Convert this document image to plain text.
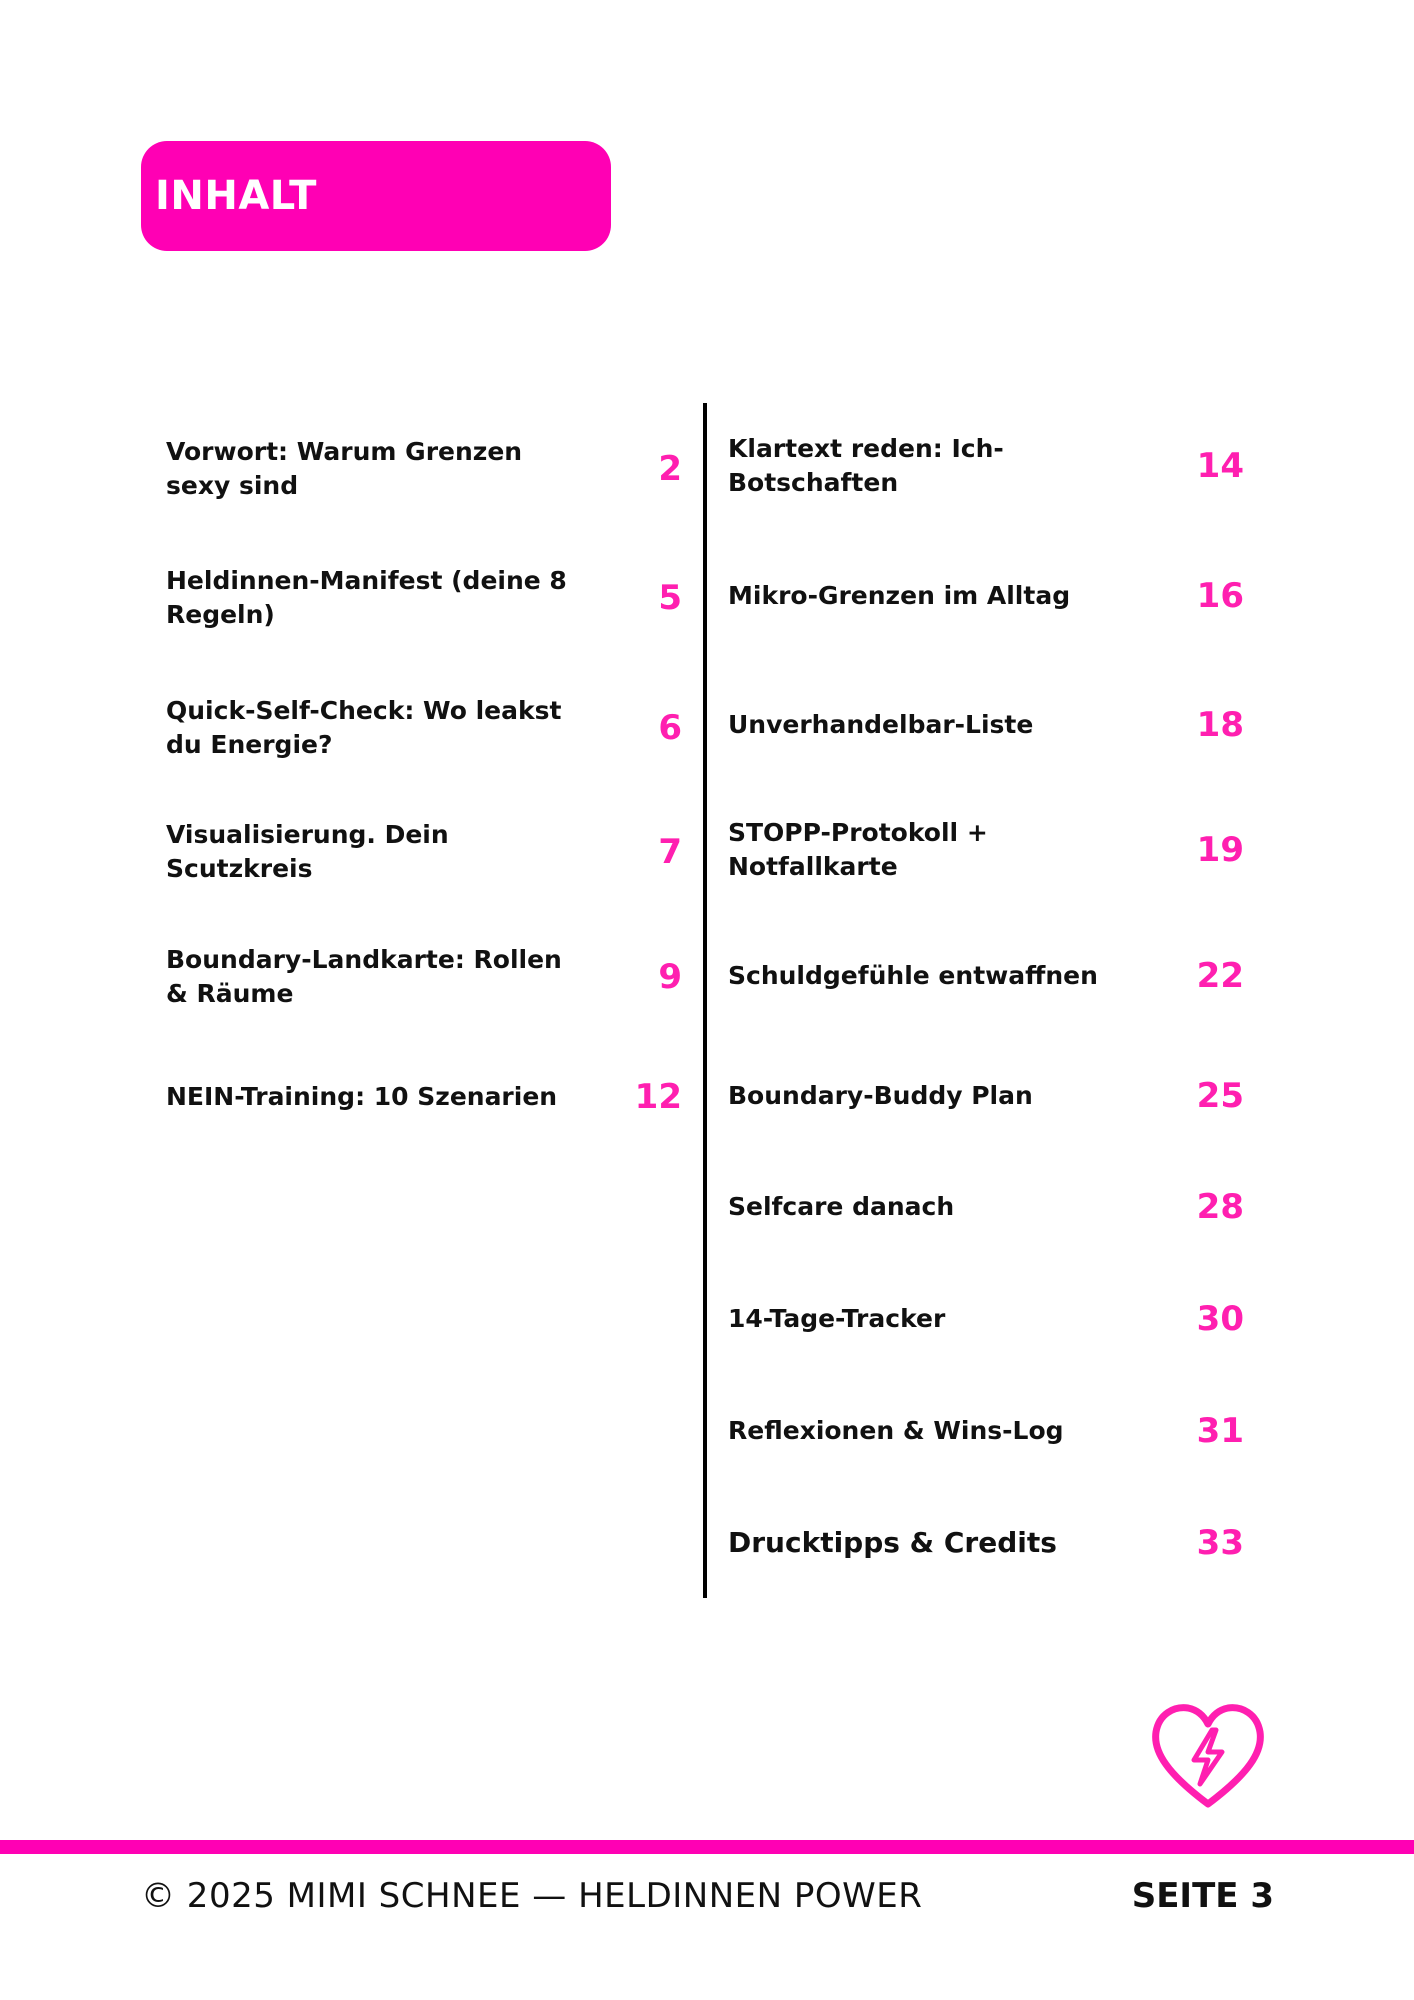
INHALT
Vorwort: Warum Grenzen sexy sind	2
Heldinnen-Manifest (deine 8 Regeln)	5
Quick-Self-Check: Wo leakst du Energie?	6
Visualisierung. Dein Scutzkreis	7
Boundary-Landkarte: Rollen & Räume	9
NEIN-Training: 10 Szenarien	12
Klartext reden: Ich-Botschaften	14
Mikro-Grenzen im Alltag	16
Unverhandelbar-Liste	18
STOPP-Protokoll + Notfallkarte	19
Schuldgefühle entwaffnen	22
Boundary-Buddy Plan	25
Selfcare danach	28
14-Tage-Tracker	30
Reflexionen & Wins-Log	31
Drucktipps & Credits	33
© 2025 MIMI SCHNEE — HELDINNEN POWER	SEITE 3
